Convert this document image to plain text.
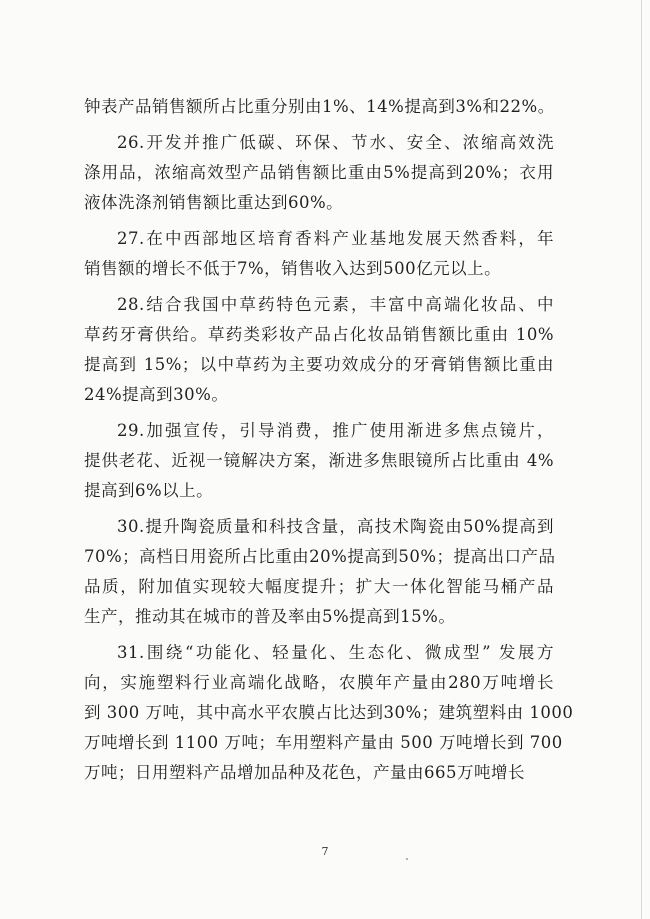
钟表产品销售额所占比重分别由1%、14%提高到3%和22%。
26.开发并推广低碳、环保、节水、安全、浓缩高效洗
涤用品，浓缩高效型产品销售额比重由5%提高到20%；衣用
液体洗涤剂销售额比重达到60%。
27.在中西部地区培育香料产业基地发展天然香料，年
销售额的增长不低于7%，销售收入达到500亿元以上。
28.结合我国中草药特色元素，丰富中高端化妆品、中
草药牙膏供给。草药类彩妆产品占化妆品销售额比重由 10%
提高到 15%；以中草药为主要功效成分的牙膏销售额比重由
24%提高到30%。
29.加强宣传，引导消费，推广使用渐进多焦点镜片，
提供老花、近视一镜解决方案，渐进多焦眼镜所占比重由 4%
提高到6%以上。
30.提升陶瓷质量和科技含量，高技术陶瓷由50%提高到
70%；高档日用瓷所占比重由20%提高到50%；提高出口产品
品质，附加值实现较大幅度提升；扩大一体化智能马桶产品
生产，推动其在城市的普及率由5%提高到15%。
31.围绕“功能化、轻量化、生态化、微成型” 发展方
向，实施塑料行业高端化战略，农膜年产量由280万吨增长
到 300 万吨，其中高水平农膜占比达到30%；建筑塑料由 1000
万吨增长到 1100 万吨；车用塑料产量由 500 万吨增长到 700
万吨；日用塑料产品增加品种及花色，产量由665万吨增长
7
